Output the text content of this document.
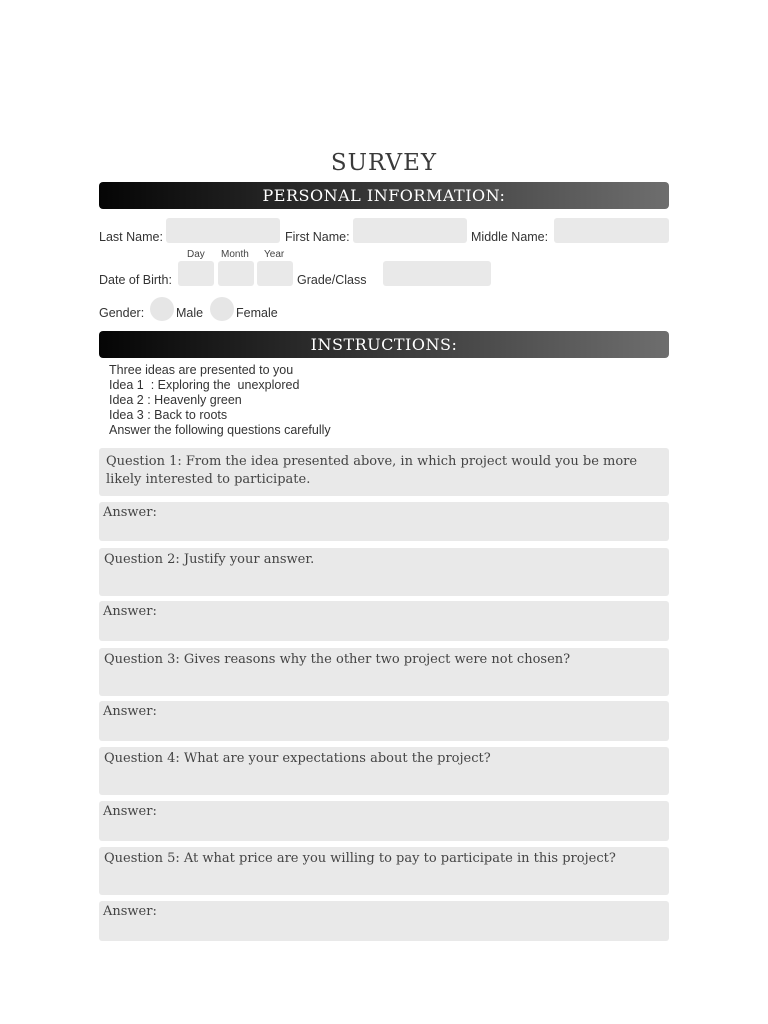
SURVEY
PERSONAL INFORMATION:
Last Name:	First Name:	Middle Name:
Day Month Year
Date of Birth:	Grade/Class
Gender:	Male	Female
INSTRUCTIONS:
Three ideas are presented to you
Idea 1  : Exploring the  unexplored
Idea 2 : Heavenly green
Idea 3 : Back to roots
Answer the following questions carefully
Question 1: From the idea presented above, in which project would you be more likely interested to participate.
Answer:
Question 2: Justify your answer.
Answer:
Question 3: Gives reasons why the other two project were not chosen?
Answer:
Question 4: What are your expectations about the project?
Answer:
Question 5: At what price are you willing to pay to participate in this project?
Answer:
